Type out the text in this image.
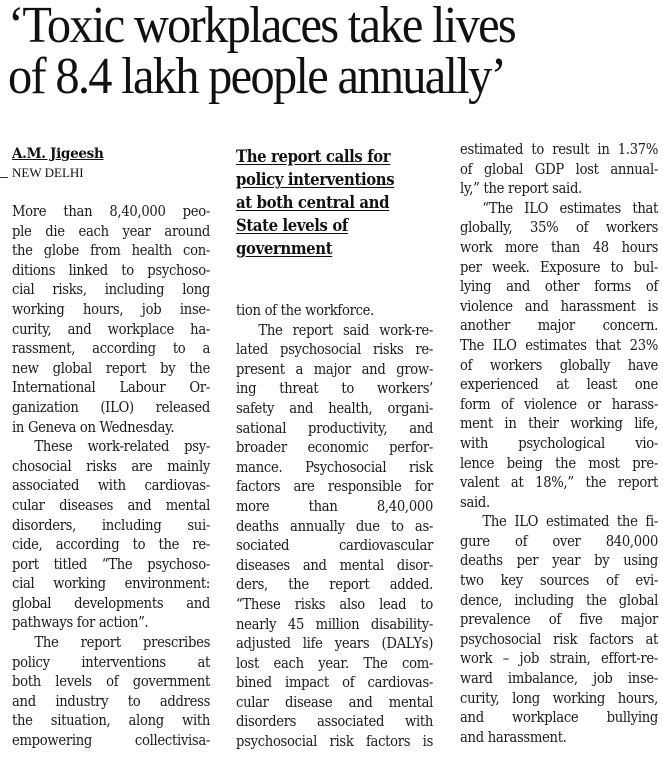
‘Toxic workplaces take lives
of 8.4 lakh people annually’

A.M. Jigeesh

NEW DELHI

More than 8,40,000 peo-
ple die each year around
the globe from health con-
ditions linked to psychoso-
cial risks, including long
working hours, job inse-
curity, and workplace ha-
rassment, according to a
new global report by the
International Labour Or-
ganization (ILO) released
in Geneva on Wednesday.
These work-related psy-
chosocial risks are mainly
associated with cardiovas-
cular diseases and mental
disorders, including sui-
cide, according to the re-
port titled “The psychoso-
cial working environment:
global developments and
pathways for action”.
The report prescribes
policy interventions at
both levels of government
and industry to address
the situation, along with
empowering collectivisa-
The report calls for
policy interventions
at both central and
State levels of
government
tion of the workforce.
The report said work-re-
lated psychosocial risks re-
present a major and grow-
ing threat to workers’
safety and health, organi-
sational productivity, and
broader economic perfor-
mance. Psychosocial risk
factors are responsible for
more than 8,40,000
deaths annually due to as-
sociated cardiovascular
diseases and mental disor-
ders, the report added.
“These risks also lead to
nearly 45 million disability-
adjusted life years (DALYs)
lost each year. The com-
bined impact of cardiovas-
cular disease and mental
disorders associated with
psychosocial risk factors is
estimated to result in 1.37%
of global GDP lost annual-
ly,” the report said.
“The ILO estimates that
globally, 35% of workers
work more than 48 hours
per week. Exposure to bul-
lying and other forms of
violence and harassment is
another major concern.
The ILO estimates that 23%
of workers globally have
experienced at least one
form of violence or harass-
ment in their working life,
with psychological vio-
lence being the most pre-
valent at 18%,” the report
said.
The ILO estimated the fi-
gure of over 840,000
deaths per year by using
two key sources of evi-
dence, including the global
prevalence of five major
psychosocial risk factors at
work – job strain, effort-re-
ward imbalance, job inse-
curity, long working hours,
and workplace bullying
and harassment.
